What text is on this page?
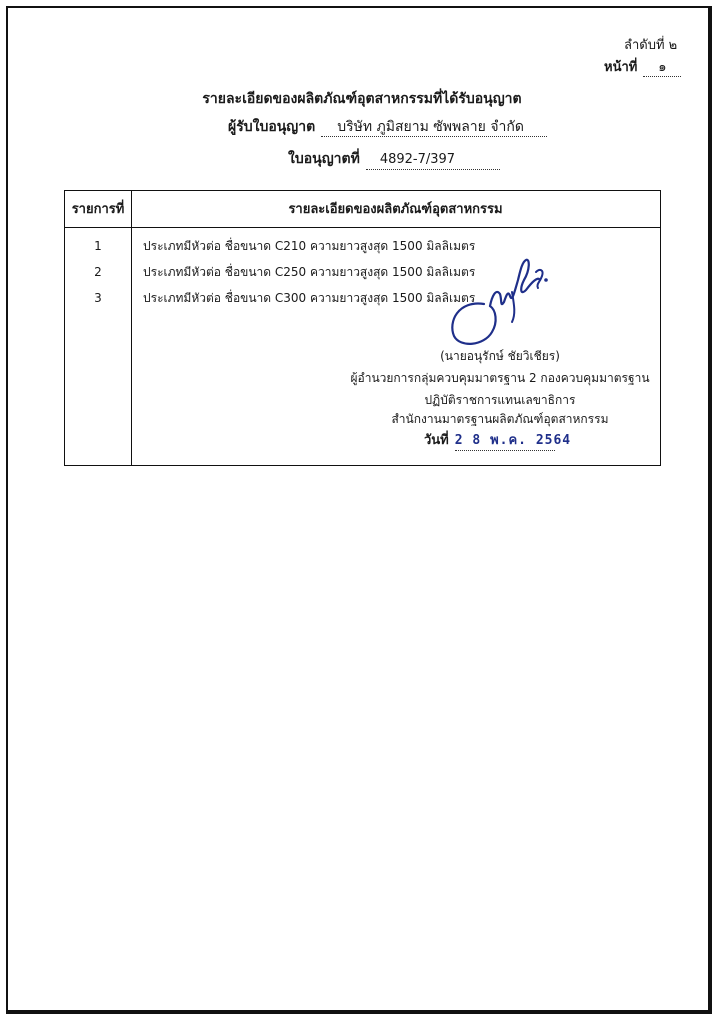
ลำดับที่ ๒
หน้าที่ ๑
รายละเอียดของผลิตภัณฑ์อุตสาหกรรมที่ได้รับอนุญาต
ผู้รับใบอนุญาต บริษัท ภูมิสยาม ซัพพลาย จำกัด
ใบอนุญาตที่ 4892-7/397
รายการที่	รายละเอียดของผลิตภัณฑ์อุตสาหกรรม
1	ประเภทมีหัวต่อ ชื่อขนาด C210 ความยาวสูงสุด 1500 มิลลิเมตร
2	ประเภทมีหัวต่อ ชื่อขนาด C250 ความยาวสูงสุด 1500 มิลลิเมตร
3	ประเภทมีหัวต่อ ชื่อขนาด C300 ความยาวสูงสุด 1500 มิลลิเมตร
(นายอนุรักษ์ ชัยวิเชียร)
ผู้อำนวยการกลุ่มควบคุมมาตรฐาน 2 กองควบคุมมาตรฐาน
ปฏิบัติราชการแทนเลขาธิการ
สำนักงานมาตรฐานผลิตภัณฑ์อุตสาหกรรม
วันที่ 2 8 พ.ค. 2564
